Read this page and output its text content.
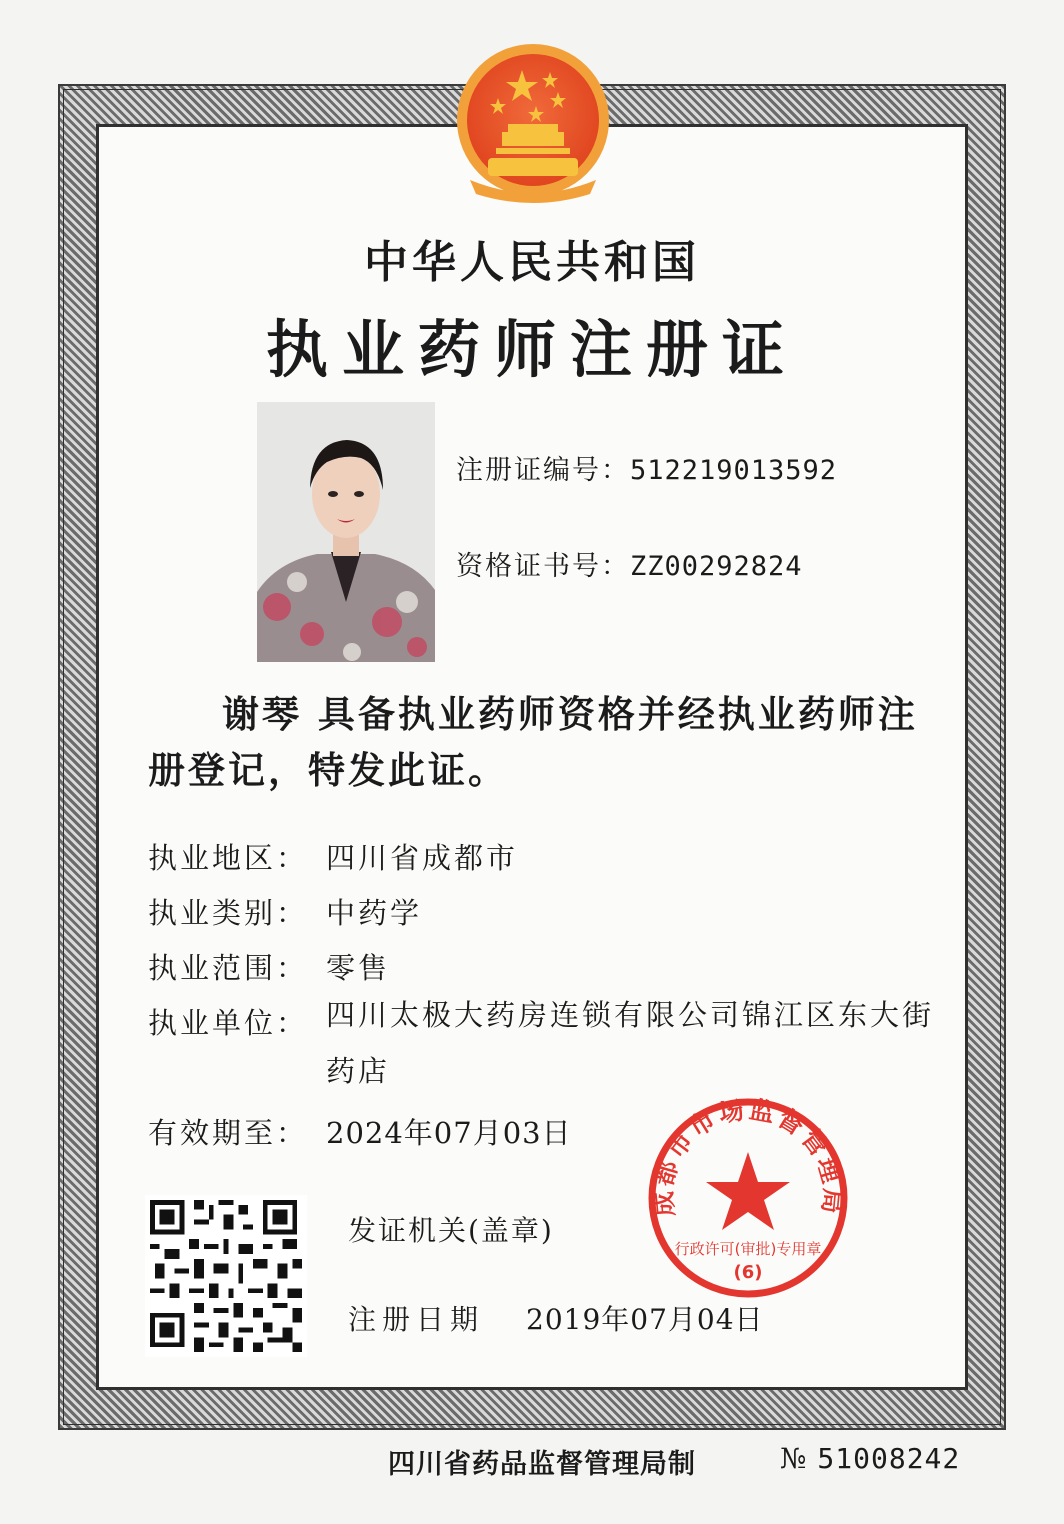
中华人民共和国
执业药师注册证
注册证编号：512219013592
资格证书号：ZZ00292824
谢琴 具备执业药师资格并经执业药师注册登记，特发此证。
执业地区： 四川省成都市
执业类别： 中药学
执业范围： 零售
执业单位： 四川太极大药房连锁有限公司锦江区东大街药店
有效期至： 2024年07月03日
发证机关(盖章)
注册日期 2019年07月04日
成都市市场监督管理局
行政许可(审批)专用章
(6)
四川省药品监督管理局制	№ 51008242
